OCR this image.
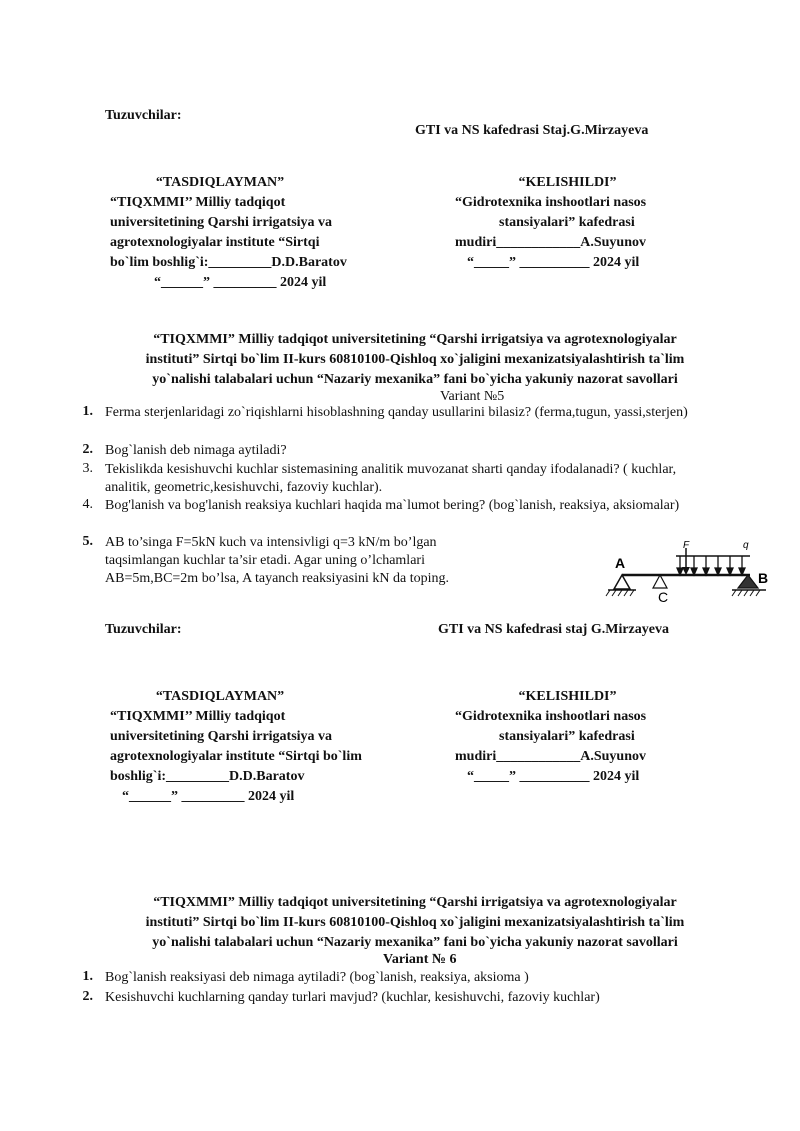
Tuzuvchilar:
GTI va NS kafedrasi Staj.G.Mirzayeva
“TASDIQLAYMAN”
“TIQXMMI’’ Milliy tadqiqot
universitetining Qarshi irrigatsiya va
agrotexnologiyalar institute “Sirtqi
bo`lim boshlig`i:_________D.D.Baratov
“______” _________ 2024 yil
“KELISHILDI”
“Gidrotexnika inshootlari nasos
stansiyalari” kafedrasi
mudiri____________A.Suyunov
“_____” __________ 2024 yil
“TIQXMMI” Milliy tadqiqot universitetining “Qarshi irrigatsiya va agrotexnologiyalar
instituti” Sirtqi bo`lim II-kurs 60810100-Qishloq xo`jaligini mexanizatsiyalashtirish ta`lim
yo`nalishi talabalari uchun “Nazariy mexanika” fani bo`yicha yakuniy nazorat savollari
Variant №5
1. Ferma sterjenlaridagi zo`riqishlarni hisoblashning qanday usullarini bilasiz? (ferma,tugun, yassi,sterjen)
2. Bog`lanish deb nimaga aytiladi?
3. Tekislikda kesishuvchi kuchlar sistemasining analitik muvozanat sharti qanday ifodalanadi? ( kuchlar, analitik, geometric,kesishuvchi, fazoviy kuchlar).
4. Bog'lanish va bog'lanish reaksiya kuchlari haqida ma`lumot bering? (bog`lanish, reaksiya, aksiomalar)
5. AB to’singa F=5kN kuch va intensivligi q=3 kN/m bo’lgan taqsimlangan kuchlar ta’sir etadi. Agar uning o’lchamlari AB=5m,BC=2m bo’lsa, A tayanch reaksiyasini kN da toping.
A
B
C
F	q
Tuzuvchilar:	GTI va NS kafedrasi staj G.Mirzayeva
“TASDIQLAYMAN”
“TIQXMMI’’ Milliy tadqiqot
universitetining Qarshi irrigatsiya va
agrotexnologiyalar institute “Sirtqi bo`lim
boshlig`i:_________D.D.Baratov
“______” _________ 2024 yil
“KELISHILDI”
“Gidrotexnika inshootlari nasos
stansiyalari” kafedrasi
mudiri____________A.Suyunov
“_____” __________ 2024 yil
“TIQXMMI” Milliy tadqiqot universitetining “Qarshi irrigatsiya va agrotexnologiyalar
instituti” Sirtqi bo`lim II-kurs 60810100-Qishloq xo`jaligini mexanizatsiyalashtirish ta`lim
yo`nalishi talabalari uchun “Nazariy mexanika” fani bo`yicha yakuniy nazorat savollari
Variant № 6
1. Bog`lanish reaksiyasi deb nimaga aytiladi? (bog`lanish, reaksiya, aksioma )
2. Kesishuvchi kuchlarning qanday turlari mavjud? (kuchlar, kesishuvchi, fazoviy kuchlar)
